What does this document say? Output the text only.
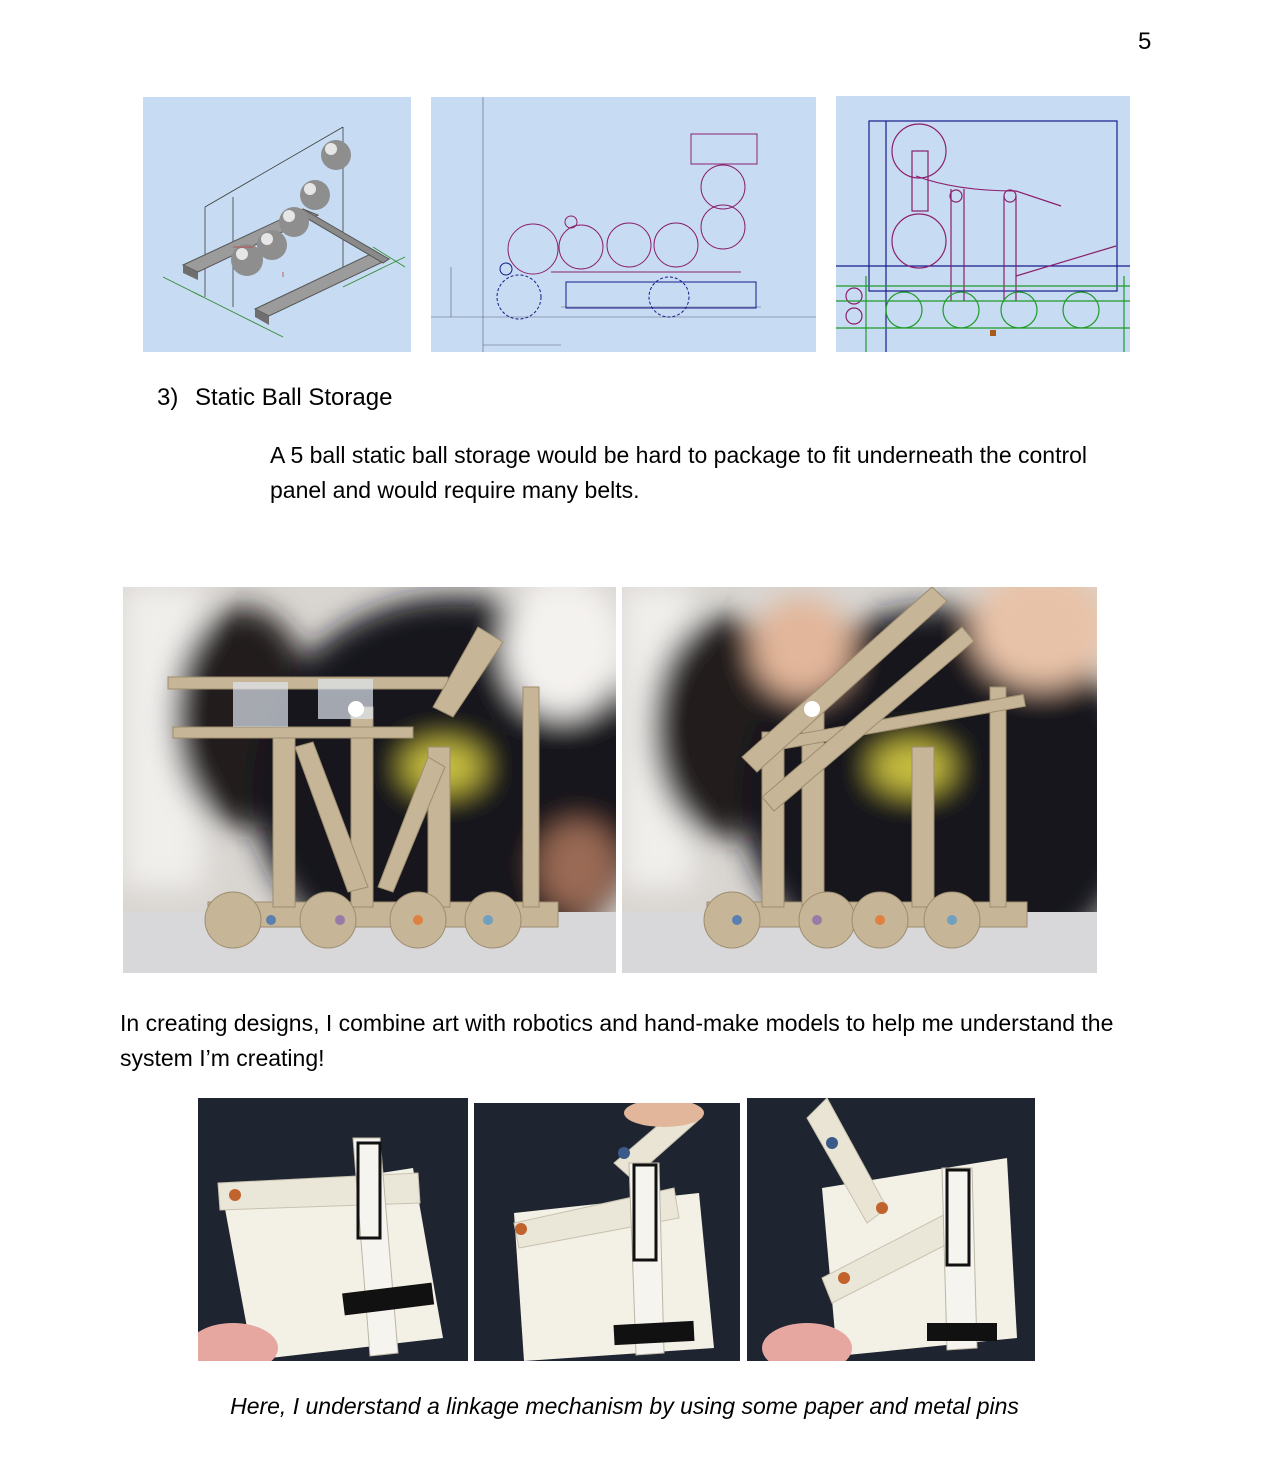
5
3) Static Ball Storage
A 5 ball static ball storage would be hard to package to fit underneath the control panel and would require many belts.
In creating designs, I combine art with robotics and hand-make models to help me understand the system I’m creating!
Here, I understand a linkage mechanism by using some paper and metal pins
